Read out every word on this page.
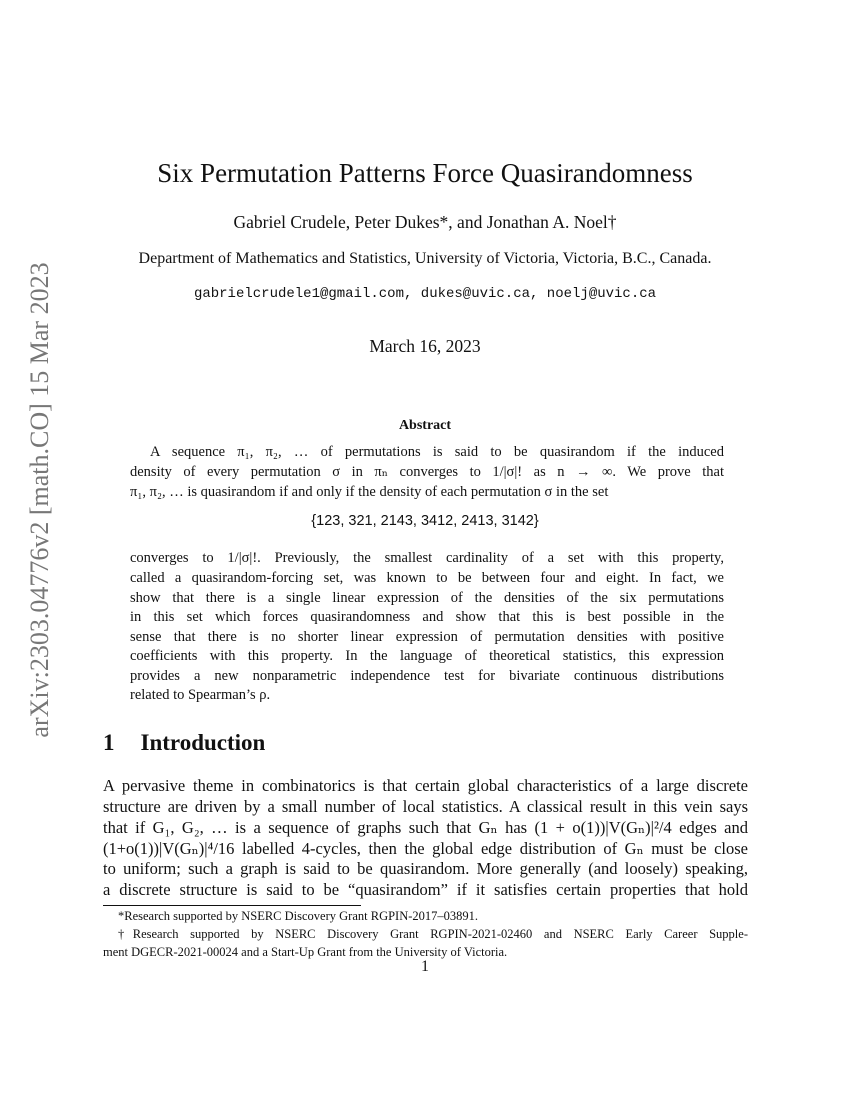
arXiv:2303.04776v2 [math.CO] 15 Mar 2023
Six Permutation Patterns Force Quasirandomness
Gabriel Crudele, Peter Dukes*, and Jonathan A. Noel†
Department of Mathematics and Statistics, University of Victoria, Victoria, B.C., Canada.
gabrielcrudele1@gmail.com, dukes@uvic.ca, noelj@uvic.ca
March 16, 2023
Abstract
A sequence π₁, π₂, … of permutations is said to be quasirandom if the induced
density of every permutation σ in πₙ converges to 1/|σ|! as n → ∞. We prove that
π₁, π₂, … is quasirandom if and only if the density of each permutation σ in the set
{123, 321, 2143, 3412, 2413, 3142}
converges to 1/|σ|!. Previously, the smallest cardinality of a set with this property,
called a quasirandom-forcing set, was known to be between four and eight. In fact, we
show that there is a single linear expression of the densities of the six permutations
in this set which forces quasirandomness and show that this is best possible in the
sense that there is no shorter linear expression of permutation densities with positive
coefficients with this property. In the language of theoretical statistics, this expression
provides a new nonparametric independence test for bivariate continuous distributions
related to Spearman’s ρ.
1 Introduction
A pervasive theme in combinatorics is that certain global characteristics of a large discrete
structure are driven by a small number of local statistics. A classical result in this vein says
that if G₁, G₂, … is a sequence of graphs such that Gₙ has (1 + o(1))|V(Gₙ)|²/4 edges and
(1+o(1))|V(Gₙ)|⁴/16 labelled 4-cycles, then the global edge distribution of Gₙ must be close
to uniform; such a graph is said to be quasirandom. More generally (and loosely) speaking,
a discrete structure is said to be “quasirandom” if it satisfies certain properties that hold
*Research supported by NSERC Discovery Grant RGPIN-2017–03891.
†Research supported by NSERC Discovery Grant RGPIN-2021-02460 and NSERC Early Career Supple-
ment DGECR-2021-00024 and a Start-Up Grant from the University of Victoria.
1
